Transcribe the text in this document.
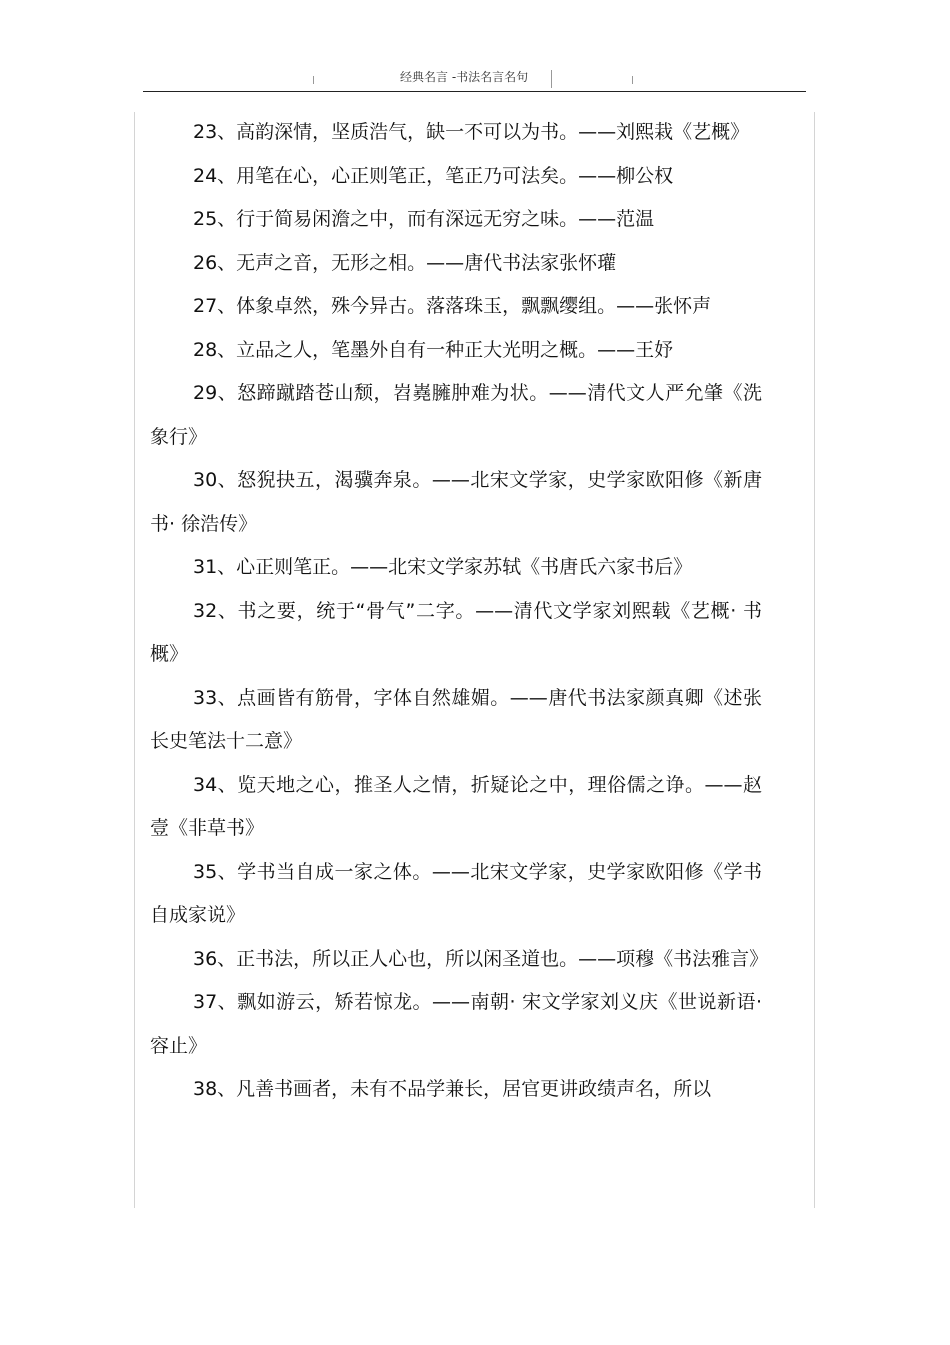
经典名言 -书法名言名句

23、高韵深情，坚质浩气，缺一不可以为书。——刘熙栽《艺概》

24、用笔在心，心正则笔正，笔正乃可法矣。——柳公权

25、行于简易闲澹之中，而有深远无穷之味。——范温

26、无声之音，无形之相。——唐代书法家张怀瓘

27、体象卓然，殊今异古。落落珠玉，飘飘缨组。——张怀声

28、立品之人，笔墨外自有一种正大光明之概。——王妤

29、怒蹄蹴踏苍山颓，岧嶤臃肿难为状。——清代文人严允肇《洗象行》

30、怒猊抉五，渴骥奔泉。——北宋文学家，史学家欧阳修《新唐书· 徐浩传》

31、心正则笔正。——北宋文学家苏轼《书唐氏六家书后》

32、书之要，统于“骨气”二字。——清代文学家刘熙载《艺概· 书概》

33、点画皆有筋骨，字体自然雄媚。——唐代书法家颜真卿《述张长史笔法十二意》

34、览天地之心，推圣人之情，折疑论之中，理俗儒之诤。——赵壹《非草书》

35、学书当自成一家之体。——北宋文学家，史学家欧阳修《学书自成家说》

36、正书法，所以正人心也，所以闲圣道也。——项穆《书法雅言》

37、飘如游云，矫若惊龙。——南朝· 宋文学家刘义庆《世说新语· 容止》

38、凡善书画者，未有不品学兼长，居官更讲政绩声名，所以
